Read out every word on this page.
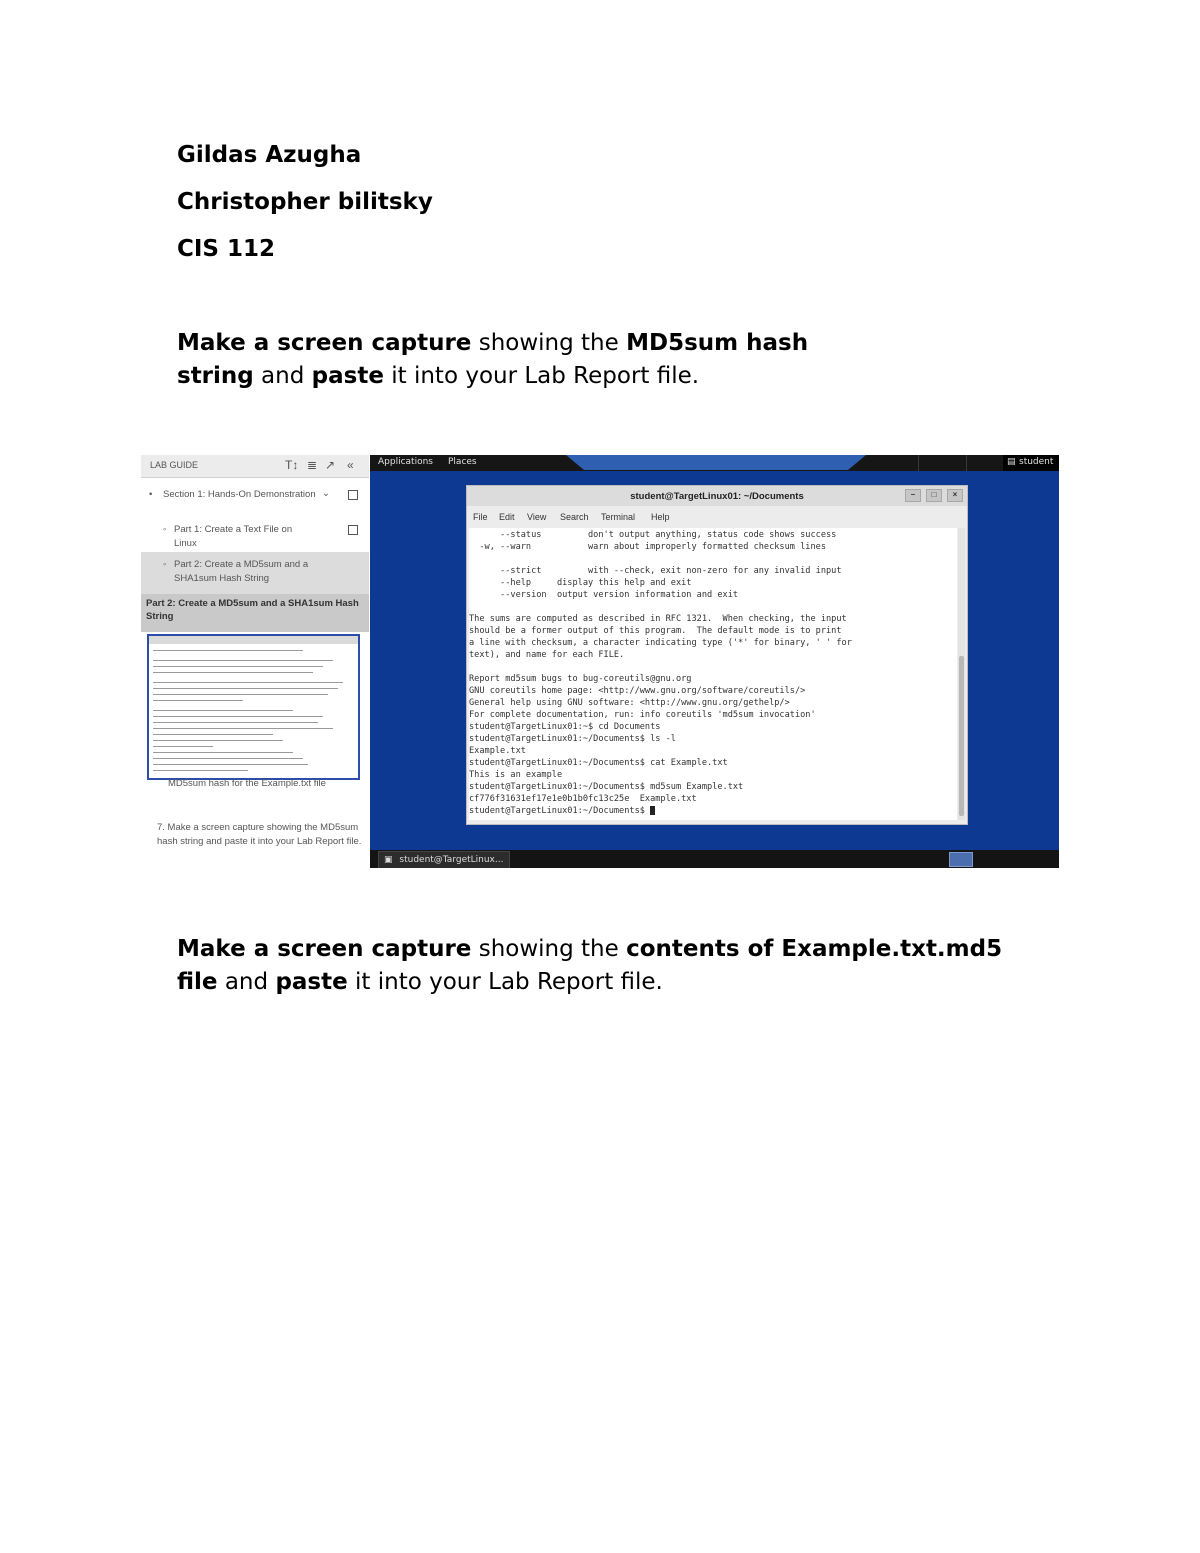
Gildas Azugha

Christopher bilitsky

CIS 112

Make a screen capture showing the MD5sum hash string and paste it into your Lab Report file.

LAB GUIDE	T↕ ≣ ↗ «
• Section 1: Hands-On Demonstration ⌄
◦ Part 1: Create a Text File on Linux
◦ Part 2: Create a MD5sum and a SHA1sum Hash String
Part 2: Create a MD5sum and a SHA1sum Hash String
MD5sum hash for the Example.txt file
7. Make a screen capture showing the MD5sum hash string and paste it into your Lab Report file.
Applications Places	▤ student
student@TargetLinux01: ~/Documents	–	□	×
File Edit View Search Terminal Help
--status         don't output anything, status code shows success
-w, --warn           warn about improperly formatted checksum lines
--strict         with --check, exit non-zero for any invalid input
--help     display this help and exit
--version  output version information and exit
The sums are computed as described in RFC 1321.  When checking, the input
should be a former output of this program.  The default mode is to print
a line with checksum, a character indicating type ('*' for binary, ' ' for
text), and name for each FILE.
Report md5sum bugs to bug-coreutils@gnu.org
GNU coreutils home page: <http://www.gnu.org/software/coreutils/>
General help using GNU software: <http://www.gnu.org/gethelp/>
For complete documentation, run: info coreutils 'md5sum invocation'
student@TargetLinux01:~$ cd Documents
student@TargetLinux01:~/Documents$ ls -l
Example.txt
student@TargetLinux01:~/Documents$ cat Example.txt
This is an example
student@TargetLinux01:~/Documents$ md5sum Example.txt
cf776f31631ef17e1e0b1b0fc13c25e  Example.txt
student@TargetLinux01:~/Documents$
▣ student@TargetLinux...

Make a screen capture showing the contents of Example.txt.md5 file and paste it into your Lab Report file.
